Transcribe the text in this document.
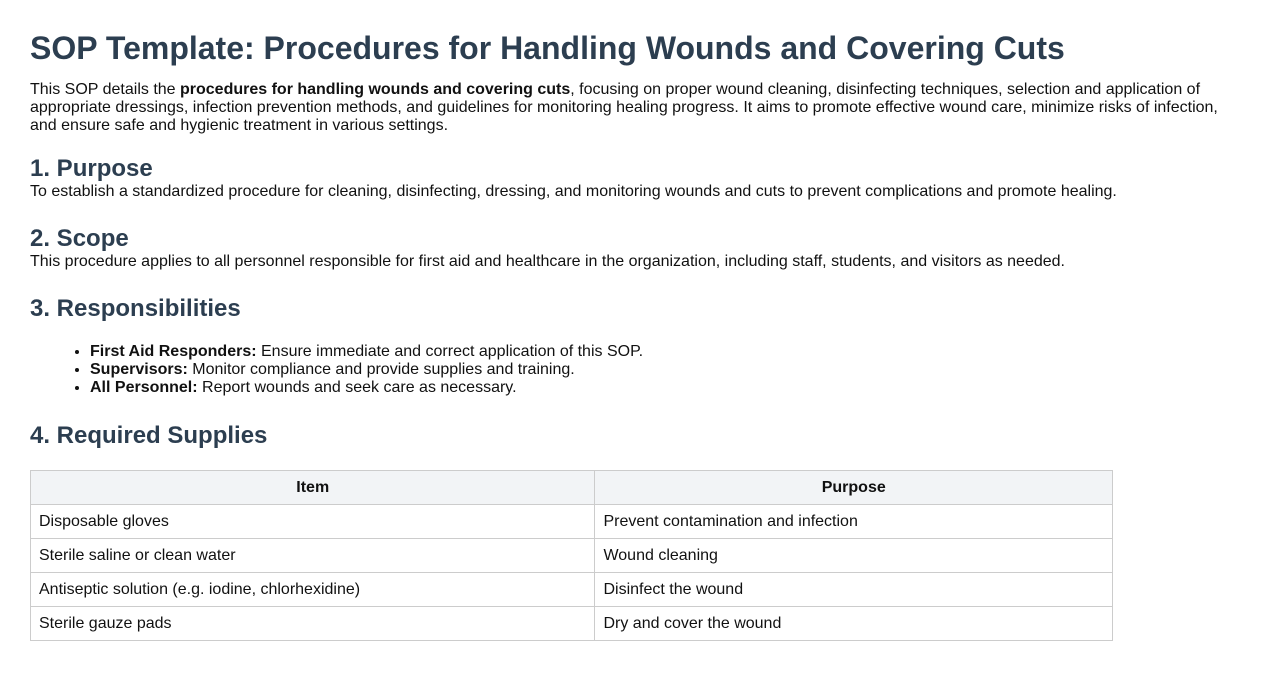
SOP Template: Procedures for Handling Wounds and Covering Cuts

This SOP details the procedures for handling wounds and covering cuts, focusing on proper wound cleaning, disinfecting techniques, selection and application of appropriate dressings, infection prevention methods, and guidelines for monitoring healing progress. It aims to promote effective wound care, minimize risks of infection, and ensure safe and hygienic treatment in various settings.

1. Purpose

To establish a standardized procedure for cleaning, disinfecting, dressing, and monitoring wounds and cuts to prevent complications and promote healing.

2. Scope

This procedure applies to all personnel responsible for first aid and healthcare in the organization, including staff, students, and visitors as needed.

3. Responsibilities
• First Aid Responders: Ensure immediate and correct application of this SOP.
• Supervisors: Monitor compliance and provide supplies and training.
• All Personnel: Report wounds and seek care as necessary.
4. Required Supplies
Item	Purpose
Disposable gloves	Prevent contamination and infection
Sterile saline or clean water	Wound cleaning
Antiseptic solution (e.g. iodine, chlorhexidine)	Disinfect the wound
Sterile gauze pads	Dry and cover the wound
